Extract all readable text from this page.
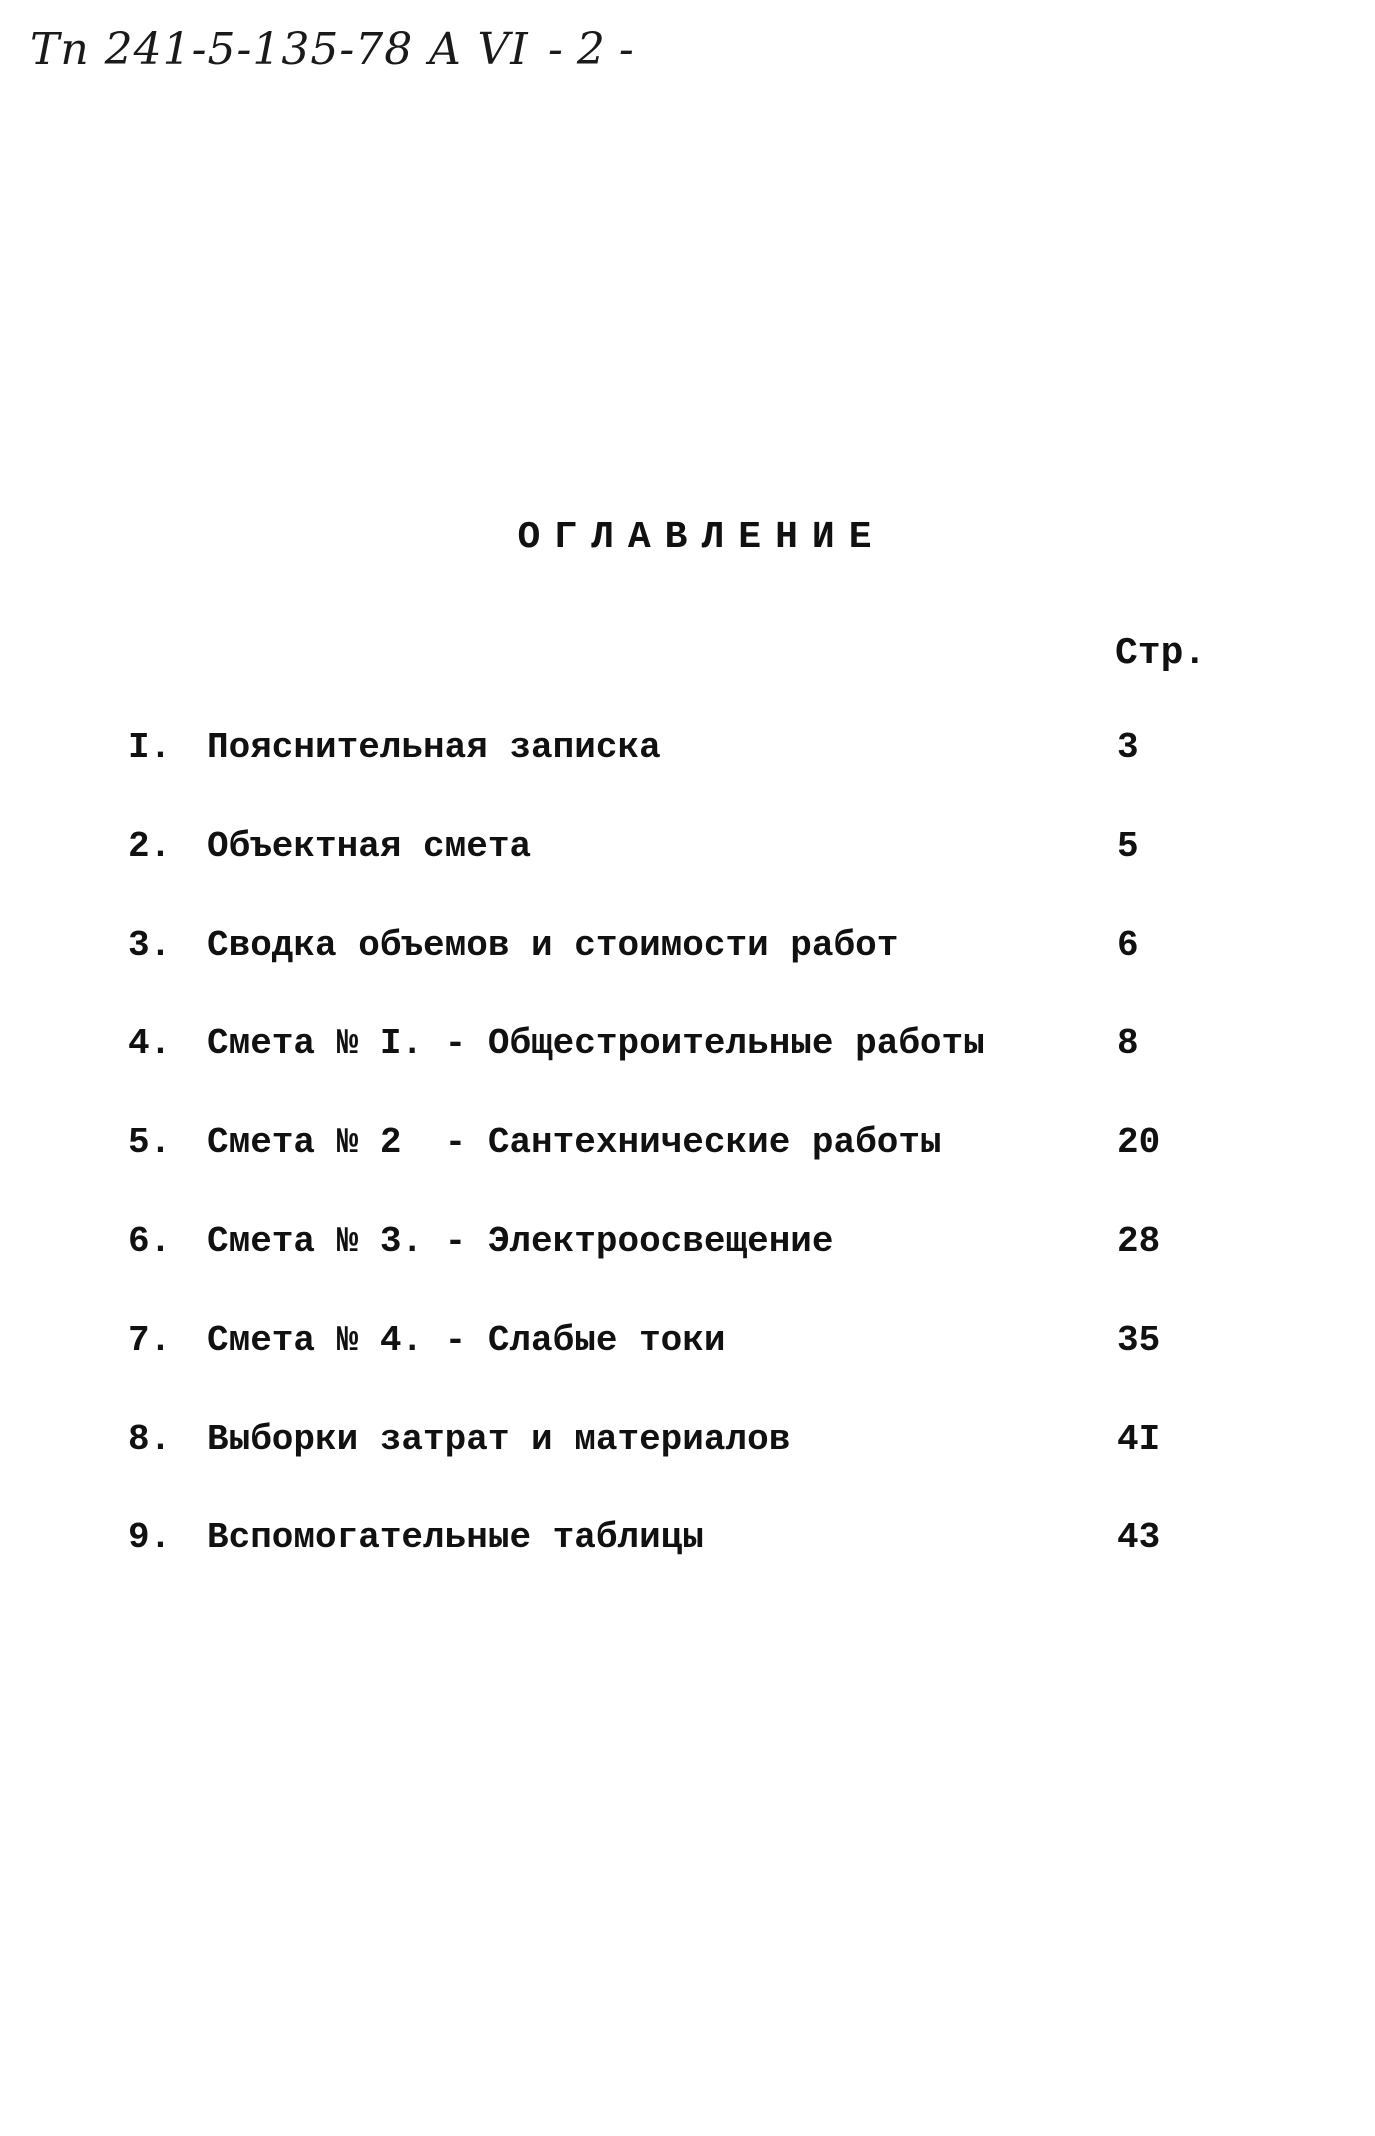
Тп 241-5-135-78 А VI - 2 -
ОГЛАВЛЕНИЕ
Стр.
I. Пояснительная записка	3
2. Объектная смета	5
3. Сводка объемов и стоимости работ	6
4. Смета № I. - Общестроительные работы	8
5. Смета № 2  - Сантехнические работы	20
6. Смета № 3. - Электроосвещение	28
7. Смета № 4. - Слабые токи	35
8. Выборки затрат и материалов	4I
9. Вспомогательные таблицы	43
